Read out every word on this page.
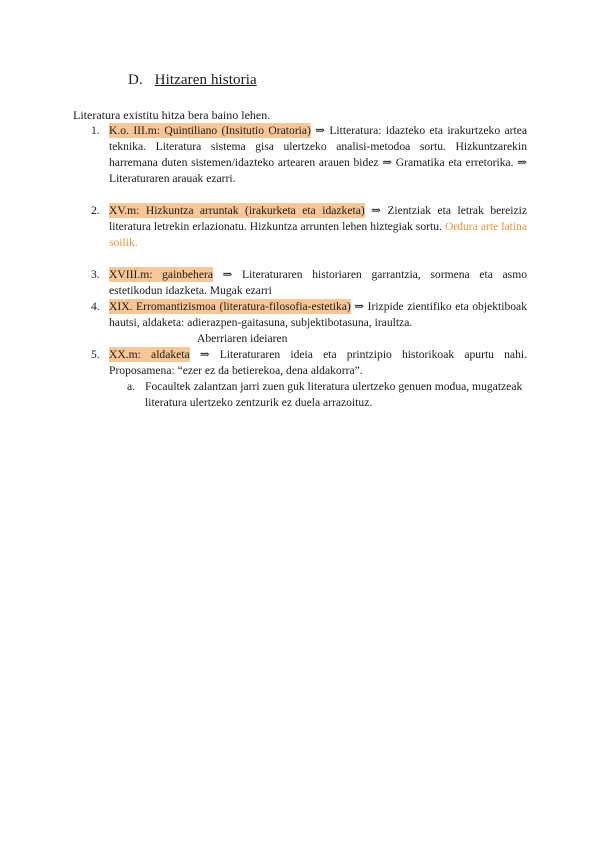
D. Hitzaren historia
Literatura existitu hitza bera baino lehen.
1. K.o. III.m: Quintiliano (Insitutio Oratoria) ⇒ Litteratura: idazteko eta irakurtzeko artea teknika. Literatura sistema gisa ulertzeko analisi-metodoa sortu. Hizkuntzarekin harremana duten sistemen/idazteko artearen arauen bidez ⇒ Gramatika eta erretorika. ⇒ Literaturaren arauak ezarri.
2. XV.m: Hizkuntza arruntak (irakurketa eta idazketa) ⇒ Zientziak eta letrak bereiziz literatura letrekin erlazionatu. Hizkuntza arrunten lehen hiztegiak sortu. Ordura arte latina soilik.
3. XVIII.m: gainbehera ⇒ Literaturaren historiaren garrantzia, sormena eta asmo estetikodun idazketa. Mugak ezarri
4. XIX. Erromantizismoa (literatura-filosofia-estetika) ⇒ Irizpide zientifiko eta objektiboak hautsi, aldaketa: adierazpen-gaitasuna, subjektibotasuna, iraultza.
Aberriaren ideiaren
5. XX.m: aldaketa ⇒ Literaturaren ideia eta printzipio historikoak apurtu nahi. Proposamena: “ezer ez da betierekoa, dena aldakorra”.
a. Focaultek zalantzan jarri zuen guk literatura ulertzeko genuen modua, mugatzeak literatura ulertzeko zentzurik ez duela arrazoituz.
